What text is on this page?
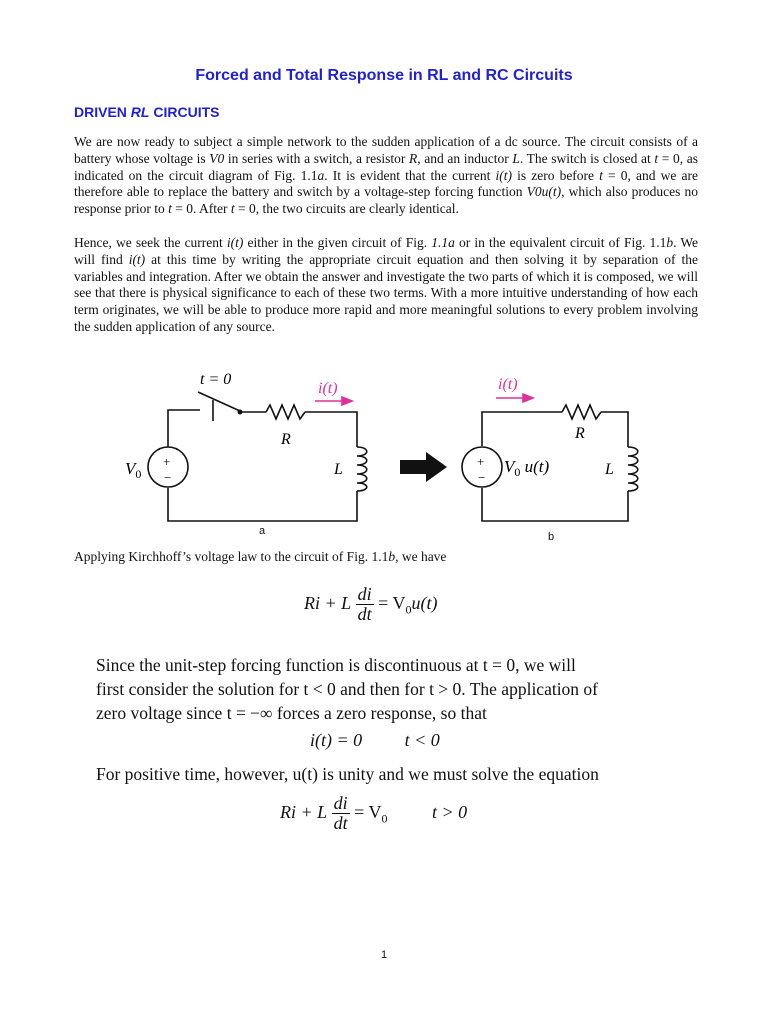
Forced and Total Response in RL and RC Circuits
DRIVEN RL CIRCUITS

We are now ready to subject a simple network to the sudden application of a dc source. The circuit consists of a battery whose voltage is V0 in series with a switch, a resistor R, and an inductor L. The switch is closed at t = 0, as indicated on the circuit diagram of Fig. 1.1a. It is evident that the current i(t) is zero before t = 0, and we are therefore able to replace the battery and switch by a voltage-step forcing function V0u(t), which also produces no response prior to t = 0. After t = 0, the two circuits are clearly identical.

Hence, we seek the current i(t) either in the given circuit of Fig. 1.1a or in the equivalent circuit of Fig. 1.1b. We will find i(t) at this time by writing the appropriate circuit equation and then solving it by separation of the variables and integration. After we obtain the answer and investigate the two parts of which it is composed, we will see that there is physical significance to each of these two terms. With a more intuitive understanding of how each term originates, we will be able to produce more rapid and more meaningful solutions to every problem involving the sudden application of any source.

t = 0
i(t)	i(t)
R	R
L	L
+
−
+
−
$V_0$	$V_0$ u(t)
a	b
Applying Kirchhoff’s voltage law to the circuit of Fig. 1.1b, we have
Ri + L $\frac{di}{dt} = V_0u(t)$
Since the unit-step forcing function is discontinuous at t = 0, we will
first consider the solution for t < 0 and then for t > 0. The application of
zero voltage since t = −∞ forces a zero response, so that
i(t) = 0 t < 0
For positive time, however, u(t) is unity and we must solve the equation
Ri + L $\frac{di}{dt} = V_0$ t > 0
1
